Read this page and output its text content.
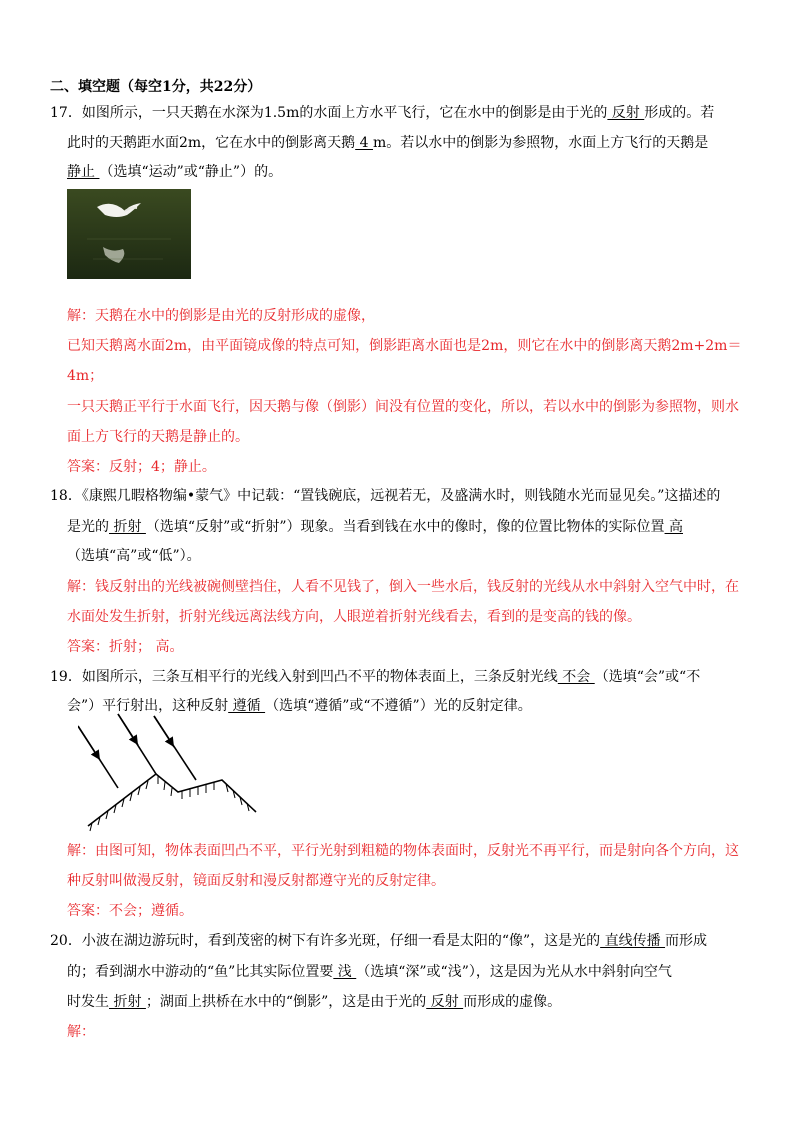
二、填空题（每空1分，共22分）
17．如图所示，一只天鹅在水深为1.5m的水面上方水平飞行，它在水中的倒影是由于光的 反射 形成的。若
此时的天鹅距水面2m，它在水中的倒影离天鹅 4 m。若以水中的倒影为参照物，水面上方飞行的天鹅是
静止 （选填“运动”或“静止”）的。
解：天鹅在水中的倒影是由光的反射形成的虚像，
已知天鹅离水面2m，由平面镜成像的特点可知，倒影距离水面也是2m，则它在水中的倒影离天鹅2m+2m＝
4m；
一只天鹅正平行于水面飞行，因天鹅与像（倒影）间没有位置的变化，所以，若以水中的倒影为参照物，则水
面上方飞行的天鹅是静止的。
答案：反射；4；静止。
18．《康熙几暇格物编•蒙气》中记载：“置钱碗底，远视若无，及盛满水时，则钱随水光而显见矣。”这描述的
是光的 折射 （选填“反射”或“折射”）现象。当看到钱在水中的像时，像的位置比物体的实际位置 高
（选填“高”或“低”）。
解：钱反射出的光线被碗侧壁挡住，人看不见钱了，倒入一些水后，钱反射的光线从水中斜射入空气中时，在
水面处发生折射，折射光线远离法线方向，人眼逆着折射光线看去，看到的是变高的钱的像。
答案：折射； 高。
19．如图所示，三条互相平行的光线入射到凹凸不平的物体表面上，三条反射光线 不会 （选填“会”或“不
会”）平行射出，这种反射 遵循 （选填“遵循”或“不遵循”）光的反射定律。
解：由图可知，物体表面凹凸不平，平行光射到粗糙的物体表面时，反射光不再平行，而是射向各个方向，这
种反射叫做漫反射，镜面反射和漫反射都遵守光的反射定律。
答案：不会；遵循。
20．小波在湖边游玩时，看到茂密的树下有许多光斑，仔细一看是太阳的“像”，这是光的 直线传播 而形成
的；看到湖水中游动的“鱼”比其实际位置要 浅 （选填“深”或“浅”），这是因为光从水中斜射向空气
时发生 折射 ；湖面上拱桥在水中的“倒影”，这是由于光的 反射 而形成的虚像。
解：
